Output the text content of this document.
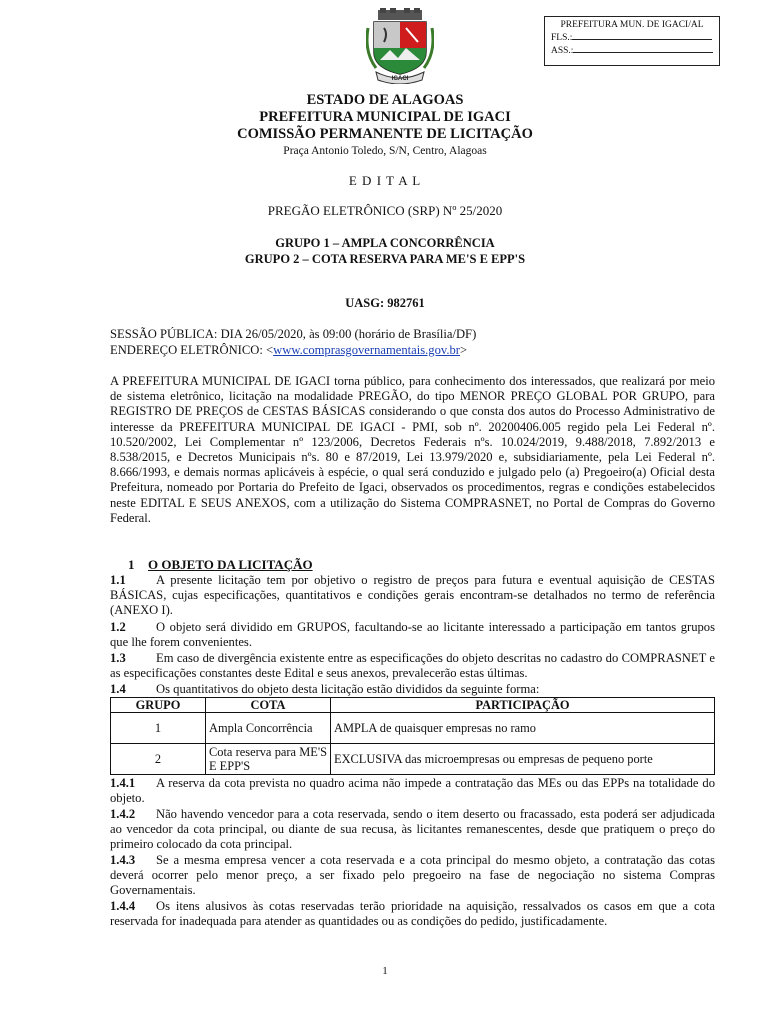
IGACI
PREFEITURA MUN. DE IGACI/AL
FLS.:
ASS.:
ESTADO DE ALAGOAS
PREFEITURA MUNICIPAL DE IGACI
COMISSÃO PERMANENTE DE LICITAÇÃO
Praça Antonio Toledo, S/N, Centro, Alagoas
E D I T A L
PREGÃO ELETRÔNICO (SRP) Nº 25/2020
GRUPO 1 – AMPLA CONCORRÊNCIA
GRUPO 2 – COTA RESERVA PARA ME'S E EPP'S
UASG: 982761
SESSÃO PÚBLICA: DIA 26/05/2020, às 09:00 (horário de Brasília/DF)
ENDEREÇO ELETRÔNICO: <www.comprasgovernamentais.gov.br>
A PREFEITURA MUNICIPAL DE IGACI torna público, para conhecimento dos interessados, que realizará por meio de sistema eletrônico, licitação na modalidade PREGÃO, do tipo MENOR PREÇO GLOBAL POR GRUPO, para REGISTRO DE PREÇOS de CESTAS BÁSICAS considerando o que consta dos autos do Processo Administrativo de interesse da PREFEITURA MUNICIPAL DE IGACI - PMI, sob nº. 20200406.005 regido pela Lei Federal nº. 10.520/2002, Lei Complementar nº 123/2006, Decretos Federais nºs. 10.024/2019, 9.488/2018, 7.892/2013 e 8.538/2015, e Decretos Municipais nºs. 80 e 87/2019, Lei 13.979/2020 e, subsidiariamente, pela Lei Federal nº. 8.666/1993, e demais normas aplicáveis à espécie, o qual será conduzido e julgado pelo (a) Pregoeiro(a) Oficial desta Prefeitura, nomeado por Portaria do Prefeito de Igaci, observados os procedimentos, regras e condições estabelecidos neste EDITAL E SEUS ANEXOS, com a utilização do Sistema COMPRASNET, no Portal de Compras do Governo Federal.
1 O OBJETO DA LICITAÇÃO
1.1 A presente licitação tem por objetivo o registro de preços para futura e eventual aquisição de CESTAS BÁSICAS, cujas especificações, quantitativos e condições gerais encontram-se detalhados no termo de referência (ANEXO I).
1.2 O objeto será dividido em GRUPOS, facultando-se ao licitante interessado a participação em tantos grupos que lhe forem convenientes.
1.3 Em caso de divergência existente entre as especificações do objeto descritas no cadastro do COMPRASNET e as especificações constantes deste Edital e seus anexos, prevalecerão estas últimas.
1.4 Os quantitativos do objeto desta licitação estão divididos da seguinte forma:
GRUPO	COTA	PARTICIPAÇÃO
1	Ampla Concorrência	AMPLA de quaisquer empresas no ramo
2	Cota reserva para ME'S E EPP'S	EXCLUSIVA das microempresas ou empresas de pequeno porte
1.4.1 A reserva da cota prevista no quadro acima não impede a contratação das MEs ou das EPPs na totalidade do objeto.
1.4.2 Não havendo vencedor para a cota reservada, sendo o item deserto ou fracassado, esta poderá ser adjudicada ao vencedor da cota principal, ou diante de sua recusa, às licitantes remanescentes, desde que pratiquem o preço do primeiro colocado da cota principal.
1.4.3 Se a mesma empresa vencer a cota reservada e a cota principal do mesmo objeto, a contratação das cotas deverá ocorrer pelo menor preço, a ser fixado pelo pregoeiro na fase de negociação no sistema Compras Governamentais.
1.4.4 Os itens alusivos às cotas reservadas terão prioridade na aquisição, ressalvados os casos em que a cota reservada for inadequada para atender as quantidades ou as condições do pedido, justificadamente.
1
